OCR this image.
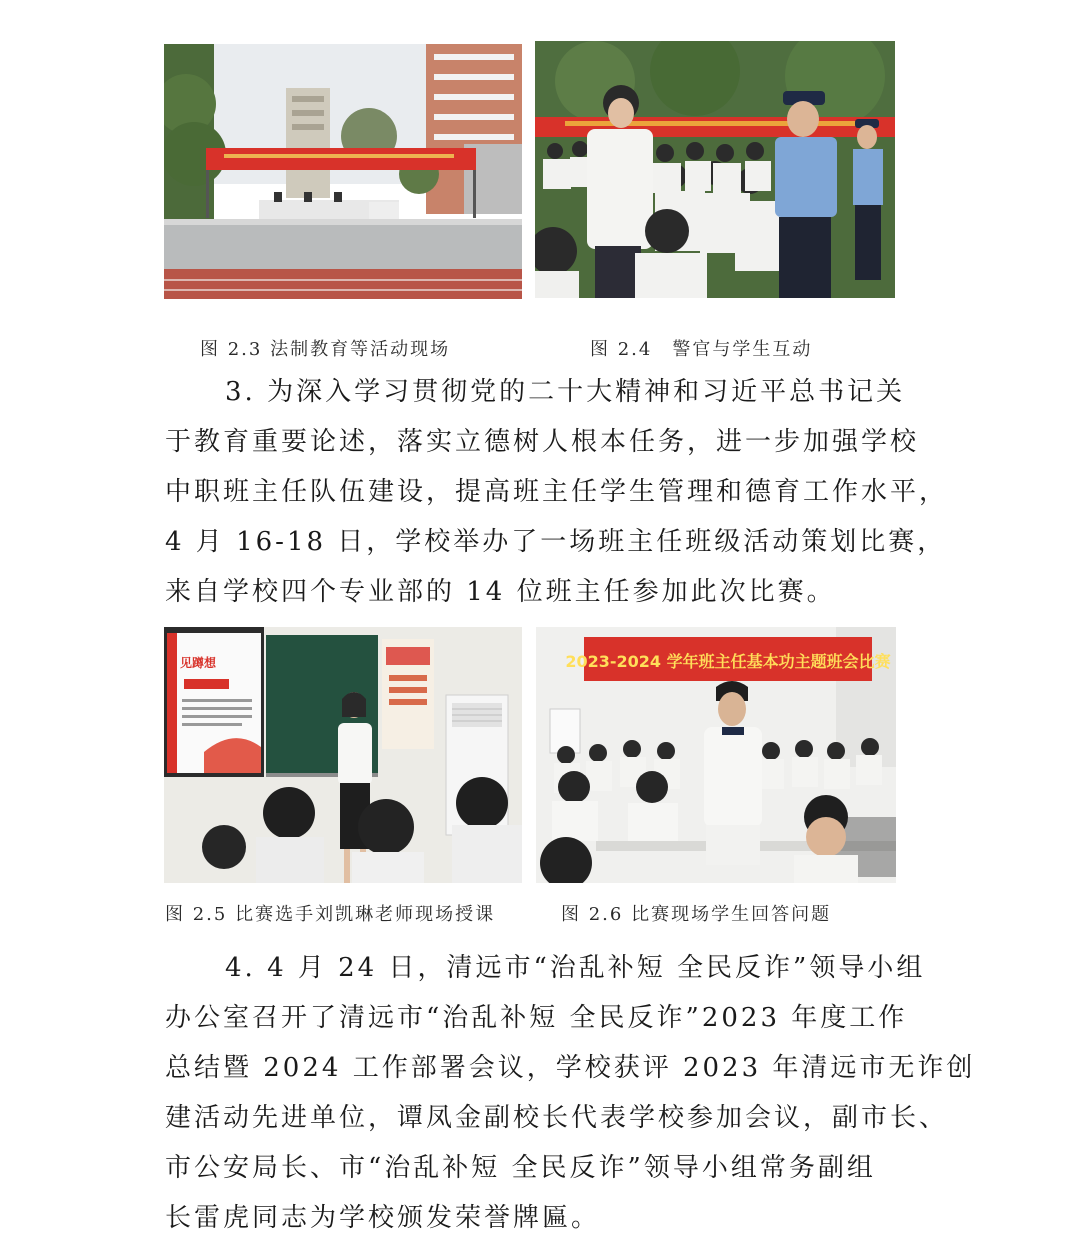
图 2.3 法制教育等活动现场	图 2.4　警官与学生互动
3. 为深入学习贯彻党的二十大精神和习近平总书记关
于教育重要论述，落实立德树人根本任务，进一步加强学校
中职班主任队伍建设，提高班主任学生管理和德育工作水平，
4 月 16-18 日，学校举办了一场班主任班级活动策划比赛，
来自学校四个专业部的 14 位班主任参加此次比赛。
见蹲想	2023-2024 学年班主任基本功主题班会比赛
图 2.5 比赛选手刘凯琳老师现场授课	图 2.6 比赛现场学生回答问题
4. 4 月 24 日，清远市“治乱补短 全民反诈”领导小组
办公室召开了清远市“治乱补短 全民反诈”2023 年度工作
总结暨 2024 工作部署会议，学校获评 2023 年清远市无诈创
建活动先进单位，谭凤金副校长代表学校参加会议，副市长、
市公安局长、市“治乱补短 全民反诈”领导小组常务副组
长雷虎同志为学校颁发荣誉牌匾。
